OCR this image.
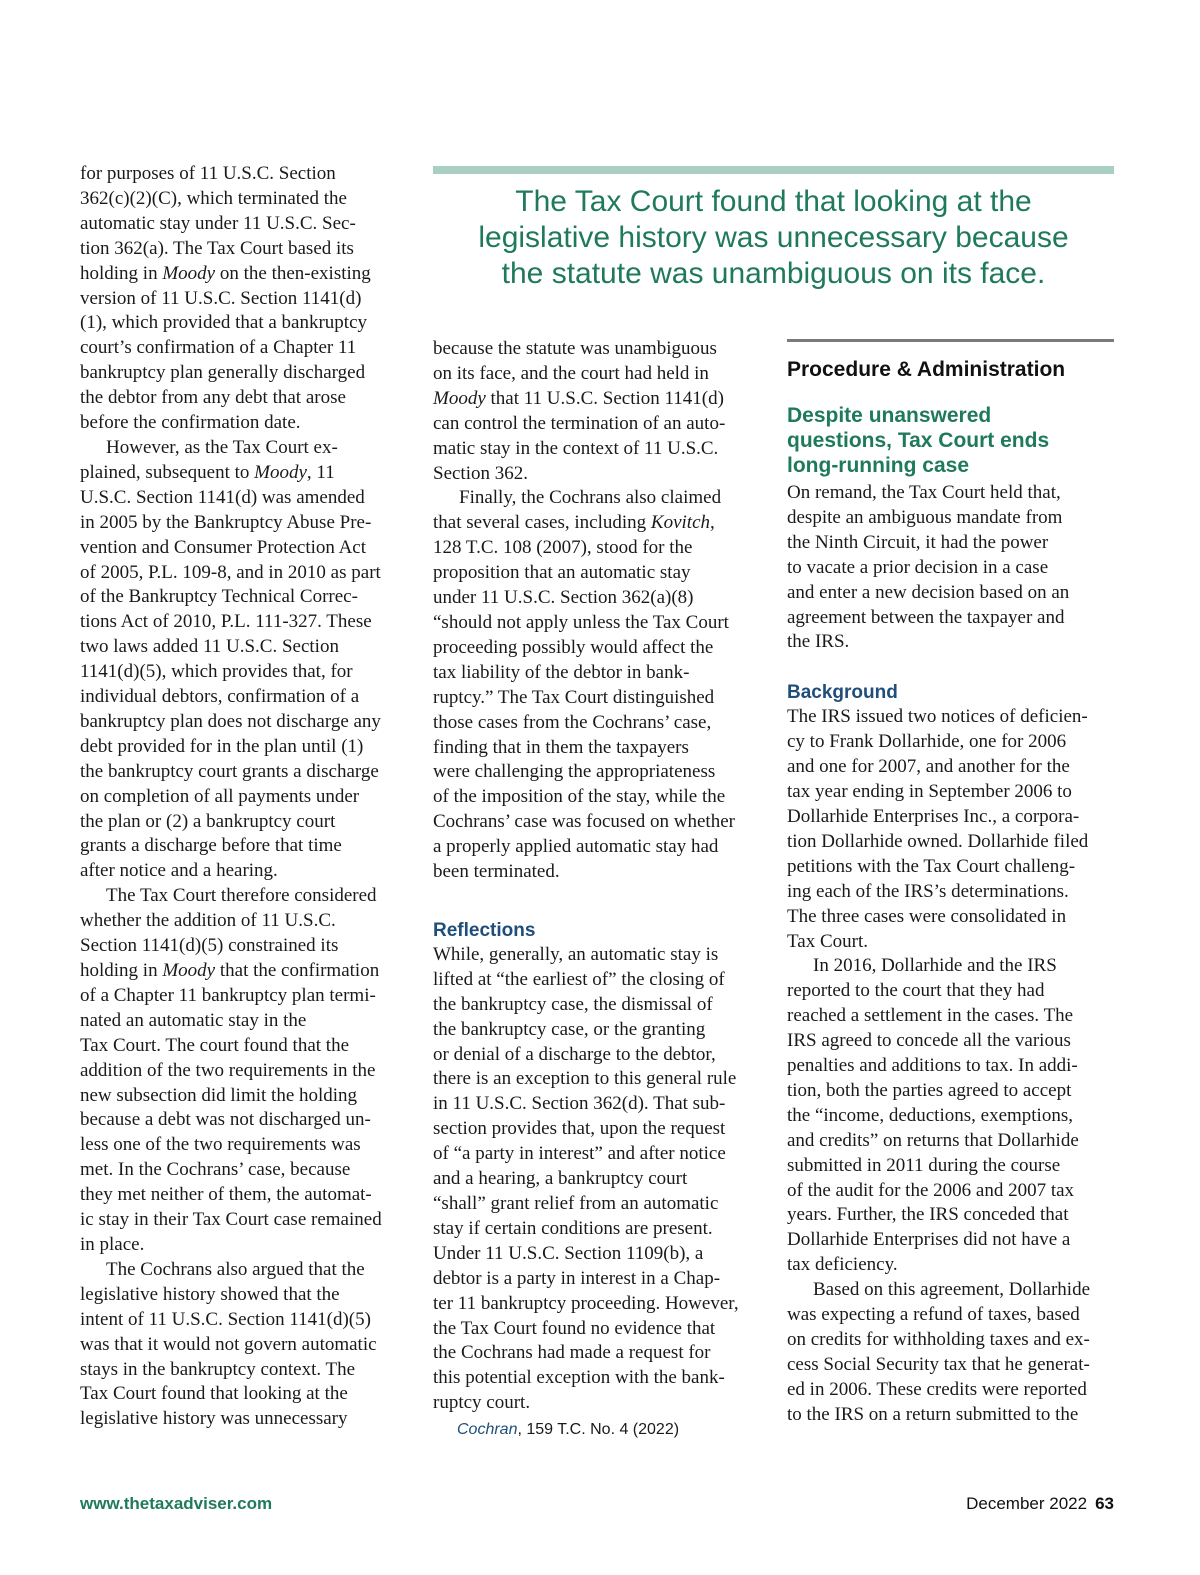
for purposes of 11 U.S.C. Section
362(c)(2)(C), which terminated the
automatic stay under 11 U.S.C. Sec-
tion 362(a). The Tax Court based its
holding in Moody on the then-existing
version of 11 U.S.C. Section 1141(d)
(1), which provided that a bankruptcy
court’s confirmation of a Chapter 11
bankruptcy plan generally discharged
the debtor from any debt that arose
before the confirmation date.

However, as the Tax Court ex-
plained, subsequent to Moody, 11
U.S.C. Section 1141(d) was amended
in 2005 by the Bankruptcy Abuse Pre-
vention and Consumer Protection Act
of 2005, P.L. 109-8, and in 2010 as part
of the Bankruptcy Technical Correc-
tions Act of 2010, P.L. 111-327. These
two laws added 11 U.S.C. Section
1141(d)(5), which provides that, for
individual debtors, confirmation of a
bankruptcy plan does not discharge any
debt provided for in the plan until (1)
the bankruptcy court grants a discharge
on completion of all payments under
the plan or (2) a bankruptcy court
grants a discharge before that time
after notice and a hearing.

The Tax Court therefore considered
whether the addition of 11 U.S.C.
Section 1141(d)(5) constrained its
holding in Moody that the confirmation
of a Chapter 11 bankruptcy plan termi-
nated an automatic stay in the
Tax Court. The court found that the
addition of the two requirements in the
new subsection did limit the holding
because a debt was not discharged un-
less one of the two requirements was
met. In the Cochrans’ case, because
they met neither of them, the automat-
ic stay in their Tax Court case remained
in place.

The Cochrans also argued that the
legislative history showed that the
intent of 11 U.S.C. Section 1141(d)(5)
was that it would not govern automatic
stays in the bankruptcy context. The
Tax Court found that looking at the
legislative history was unnecessary

The Tax Court found that looking at the
legislative history was unnecessary because
the statute was unambiguous on its face.

because the statute was unambiguous
on its face, and the court had held in
Moody that 11 U.S.C. Section 1141(d)
can control the termination of an auto-
matic stay in the context of 11 U.S.C.
Section 362.

Finally, the Cochrans also claimed
that several cases, including Kovitch,
128 T.C. 108 (2007), stood for the
proposition that an automatic stay
under 11 U.S.C. Section 362(a)(8)
“should not apply unless the Tax Court
proceeding possibly would affect the
tax liability of the debtor in bank-
ruptcy.” The Tax Court distinguished
those cases from the Cochrans’ case,
finding that in them the taxpayers
were challenging the appropriateness
of the imposition of the stay, while the
Cochrans’ case was focused on whether
a properly applied automatic stay had
been terminated.

Reflections

While, generally, an automatic stay is
lifted at “the earliest of” the closing of
the bankruptcy case, the dismissal of
the bankruptcy case, or the granting
or denial of a discharge to the debtor,
there is an exception to this general rule
in 11 U.S.C. Section 362(d). That sub-
section provides that, upon the request
of “a party in interest” and after notice
and a hearing, a bankruptcy court
“shall” grant relief from an automatic
stay if certain conditions are present.
Under 11 U.S.C. Section 1109(b), a
debtor is a party in interest in a Chap-
ter 11 bankruptcy proceeding. However,
the Tax Court found no evidence that
the Cochrans had made a request for
this potential exception with the bank-
ruptcy court.

Cochran, 159 T.C. No. 4 (2022)

Procedure & Administration
Despite unanswered
questions, Tax Court ends
long-running case

On remand, the Tax Court held that,
despite an ambiguous mandate from
the Ninth Circuit, it had the power
to vacate a prior decision in a case
and enter a new decision based on an
agreement between the taxpayer and
the IRS.

Background

The IRS issued two notices of deficien-
cy to Frank Dollarhide, one for 2006
and one for 2007, and another for the
tax year ending in September 2006 to
Dollarhide Enterprises Inc., a corpora-
tion Dollarhide owned. Dollarhide filed
petitions with the Tax Court challeng-
ing each of the IRS’s determinations.
The three cases were consolidated in
Tax Court.

In 2016, Dollarhide and the IRS
reported to the court that they had
reached a settlement in the cases. The
IRS agreed to concede all the various
penalties and additions to tax. In addi-
tion, both the parties agreed to accept
the “income, deductions, exemptions,
and credits” on returns that Dollarhide
submitted in 2011 during the course
of the audit for the 2006 and 2007 tax
years. Further, the IRS conceded that
Dollarhide Enterprises did not have a
tax deficiency.

Based on this agreement, Dollarhide
was expecting a refund of taxes, based
on credits for withholding taxes and ex-
cess Social Security tax that he generat-
ed in 2006. These credits were reported
to the IRS on a return submitted to the

www.thetaxadviser.com	December 2022 63
